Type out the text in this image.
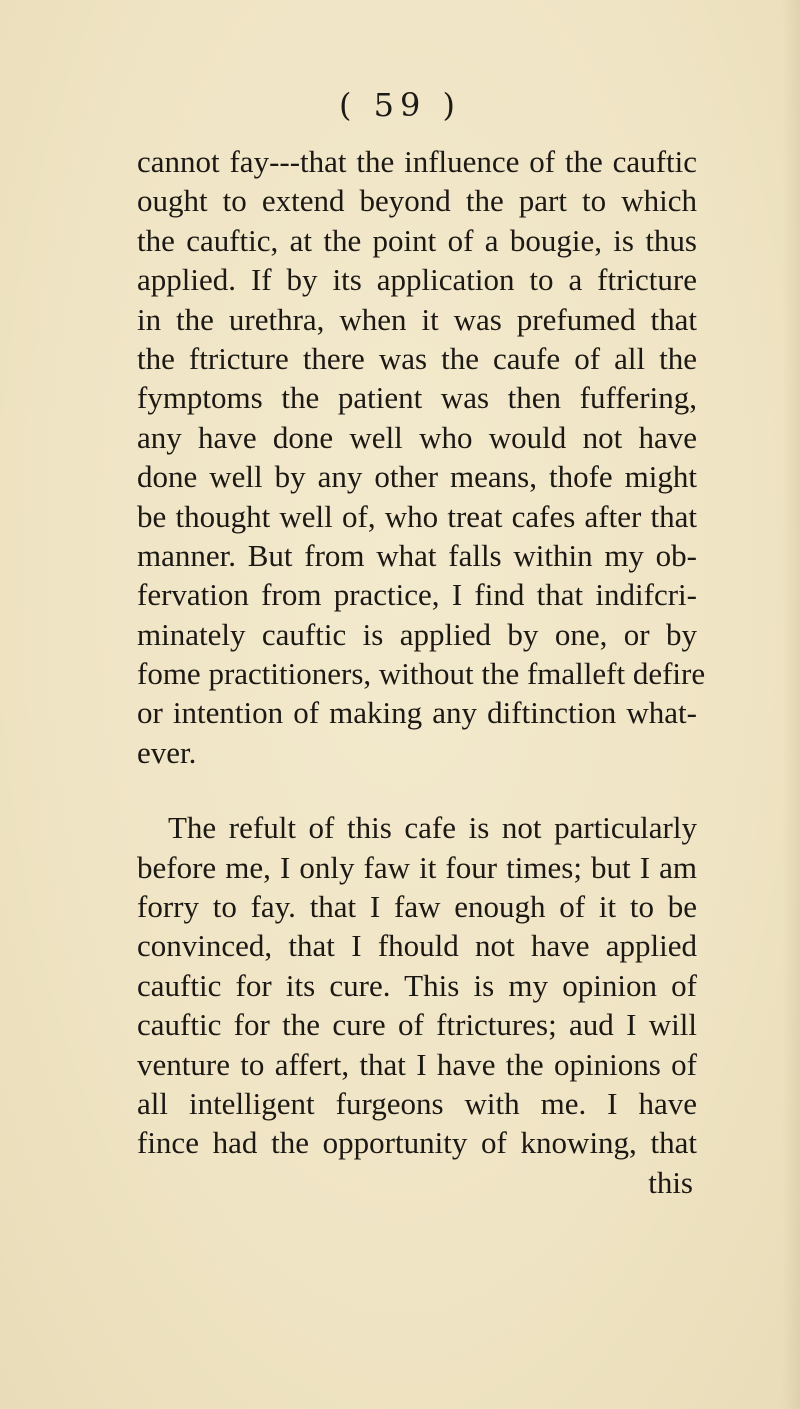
( 59 )
cannot fay---that the influence of the cauftic
ought to extend beyond the part to which
the cauftic, at the point of a bougie, is thus
applied. If by its application to a ftricture
in the urethra, when it was prefumed that
the ftricture there was the caufe of all the
fymptoms the patient was then fuffering,
any have done well who would not have
done well by any other means, thofe might
be thought well of, who treat cafes after that
manner. But from what falls within my ob-
fervation from practice, I find that indifcri-
minately cauftic is applied by one, or by
fome practitioners, without the fmalleft defire
or intention of making any diftinction what-
ever.
The refult of this cafe is not particularly
before me, I only faw it four times; but I am
forry to fay. that I faw enough of it to be
convinced, that I fhould not have applied
cauftic for its cure. This is my opinion of
cauftic for the cure of ftrictures; aud I will
venture to affert, that I have the opinions of
all intelligent furgeons with me. I have
fince had the opportunity of knowing, that
this
